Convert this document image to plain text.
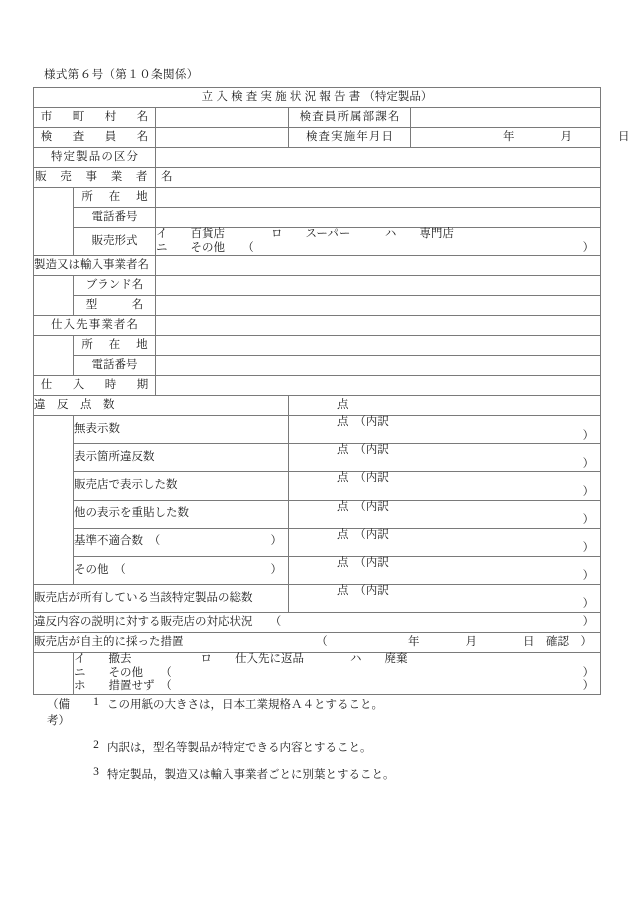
様式第６号（第１０条関係）
立入検査実施状況報告書（特定製品）				
市　町　村　名			検査員所属部課名	
検　査　員　名			検査実施年月日	年　　　　月　　　　日

特定製品の区分				
販　売　事　業　者　名				
	所　在　地			
	電話番号			
	販売形式	イ　　百貨店　　　　ロ　　スーパー　　　ハ　　専門店
ニ　　その他　　（ ）		

製造又は輸入事業者名				
	ブランド名			
	型　　　名			
仕入先事業者名				
	所　在　地			
	電話番号			
仕　入　時　期				
違　反　点　数			点	

	無表示数		点　（内訳
）	

	表示箇所違反数		点　（内訳
）	

	販売店で表示した数		点　（内訳
）	

	他の表示を重貼した数		点　（内訳
）	

	基準不適合数　（ ）		点　（内訳
）	

	その他　（ ）		点　（内訳
）	

販売店が所有している当該特定製品の総数			点　（内訳
）	

違反内容の説明に対する販売店の対応状況　　（ ）				

販売店が自主的に採った措置 （　　　　　　　年　　　　月　　　　日　確認　）				

	イ　　撤去　　　　　　ロ　　仕入先に返品　　　　ハ　　廃棄
ニ　　その他　　（ ）

ホ　　措置せず　（ ）			
（備考）
1 この用紙の大きさは，日本工業規格Ａ４とすること。
2 内訳は，型名等製品が特定できる内容とすること。
3 特定製品，製造又は輸入事業者ごとに別葉とすること。
